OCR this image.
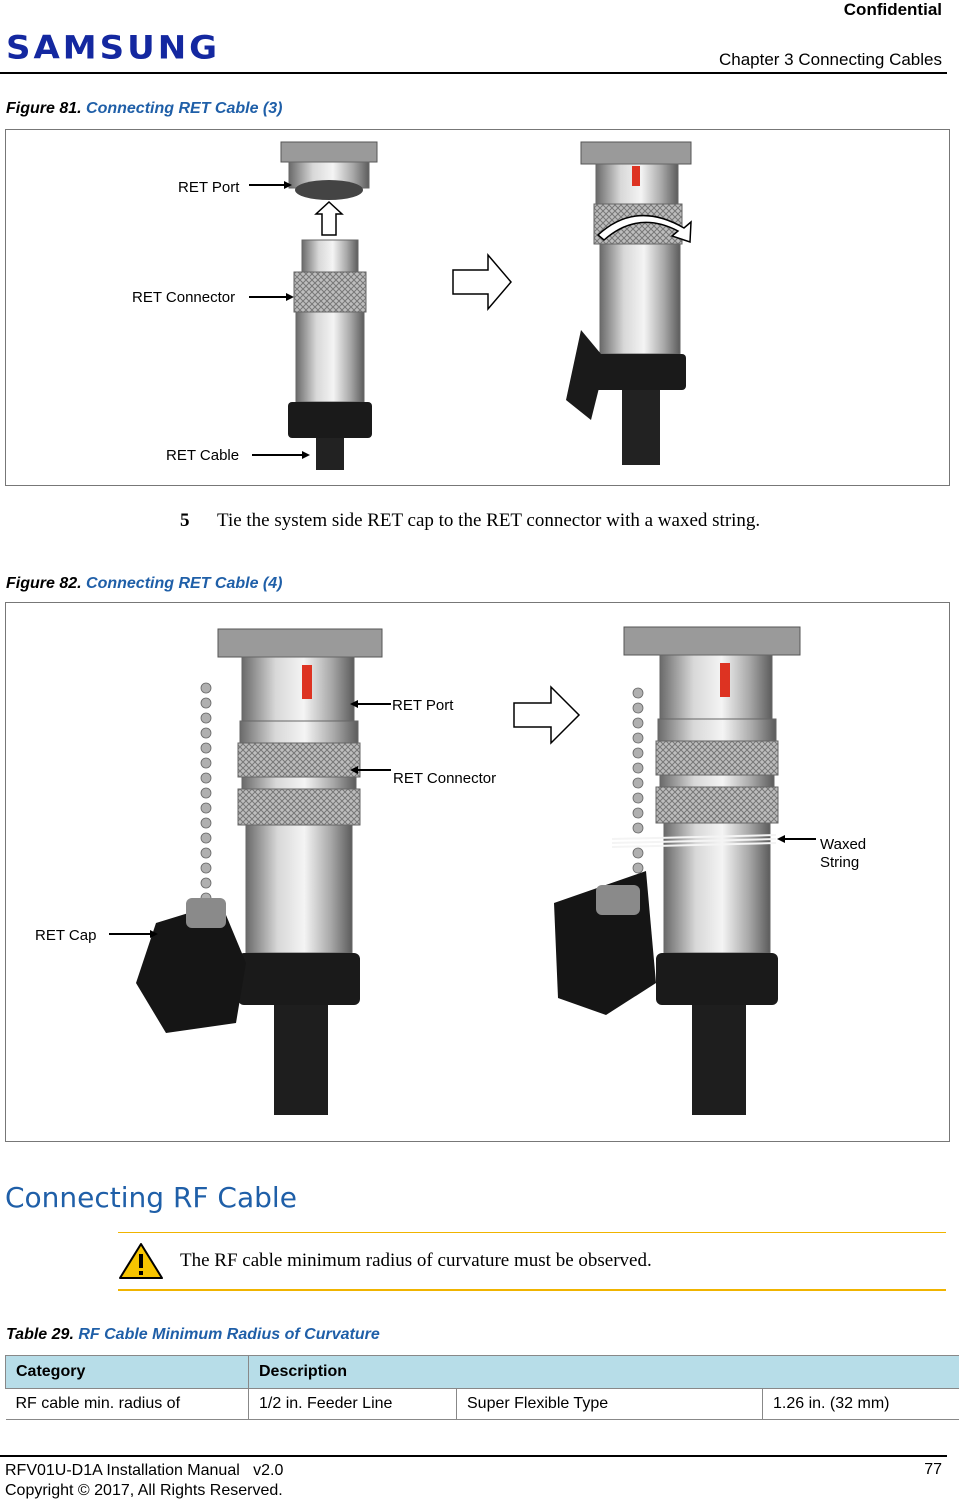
Confidential
SAMSUNG	Chapter 3 Connecting Cables
Figure 81. Connecting RET Cable (3)
RET Port
RET Connector
RET Cable
5 Tie the system side RET cap to the RET connector with a waxed string.
Figure 82. Connecting RET Cable (4)
RET Port
RET Connector
RET Cap
Waxed
String
Connecting RF Cable
The RF cable minimum radius of curvature must be observed.
Table 29. RF Cable Minimum Radius of Curvature
Category	Description		
RF cable min. radius of	1/2 in. Feeder Line	Super Flexible Type	1.26 in. (32 mm)
RFV01U-D1A Installation Manual   v2.0
Copyright © 2017, All Rights Reserved.
77
